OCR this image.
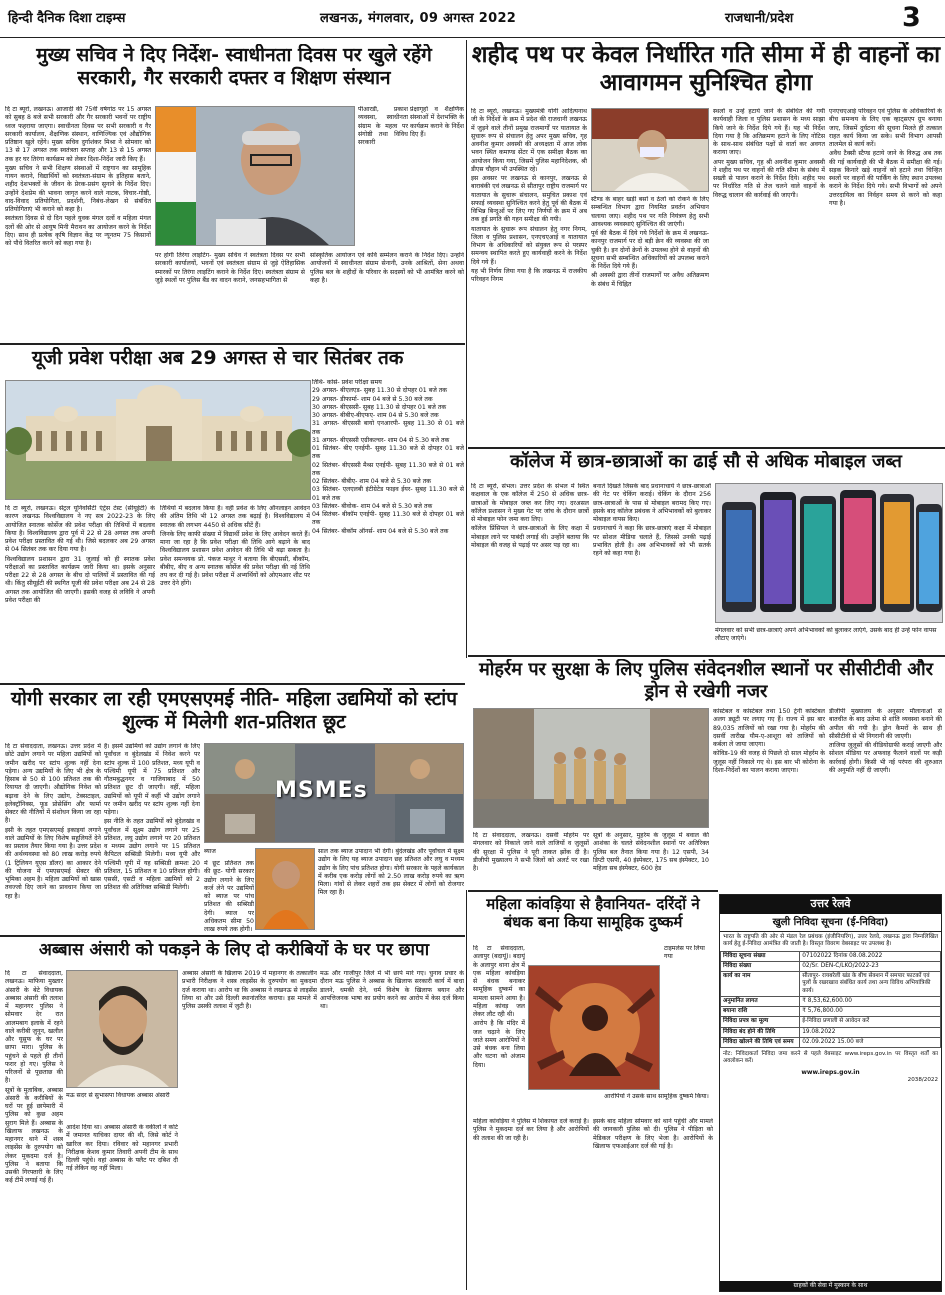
हिन्दी दैनिक दिशा टाइम्स	लखनऊ, मंगलवार, 09 अगस्त 2022	राजधानी/प्रदेश	3
मुख्य सचिव ने दिए निर्देश- स्वाधीनता दिवस पर खुले रहेंगे सरकारी, गैर सरकारी दफ्तर व शिक्षण संस्थान

दि टा ब्यूरो, लखनऊ। आजादी की 75वीं वर्षगांठ पर 15 अगस्त को सुबह 8 बजे सभी सरकारी और गैर सरकारी भवनों पर राष्ट्रीय ध्वज फहराया जाएगा। स्वाधीनता दिवस पर सभी सरकारी व गैर सरकारी कार्यालय, शैक्षणिक संस्थान, वाणिज्यिक एवं औद्योगिक प्रतिष्ठान खुले रहेंगे। मुख्य सचिव दुर्गाशंकर मिश्रा ने सोमवार को 13 से 17 अगस्त तक स्वतंत्रता सप्ताह और 13 से 15 अगस्त तक हर घर तिरंगा कार्यक्रम को लेकर दिशा-निर्देश जारी किए हैं।

मुख्य सचिव ने सभी शिक्षण संस्थाओं में राष्ट्रगान का सामूहिक गायन कराने, विद्यार्थियों को स्वतंत्रता-संग्राम के इतिहास बताने, शहीद देशभक्तों के जीवन के प्रेरक-प्रसंग सुनाने के निर्देश दिए। उन्होंने देशप्रेम की भावना जागृत करने वाले नाटक, विचार-गोष्ठी, वाद-विवाद प्रतियोगिता, प्रदर्शनी, निबंध-लेखन से संबंधित प्रतियोगिताएं भी कराने को कहा है।

स्वतंत्रता दिवस से दो दिन पहले युवक मंगल दलों व महिला मंगल दलों की ओर से आयुष मिनी मैराथन का आयोजन करने के निर्देश दिए। साथ ही प्रत्येक कृषि विज्ञान केंद्र पर न्यूनतम 75 किसानों को पौधे वितरित करने को कहा गया है।

पीआरडी, प्रकाश व्यवस्था, स्वाधीनता संग्राम के महत्व पर संगोष्ठी तथा विविध सरकारी

प्रेक्षागृहों व शैक्षणिक संस्थाओं में देशभक्ति के कार्यक्रम कराने के निर्देश दिए हैं।

पर होगी तिरंगा लाइटिंग- मुख्य सचिव ने स्वतंत्रता दिवस पर सभी सरकारी कार्यालयों, भवनों एवं स्वतंत्रता संग्राम से जुड़े ऐतिहासिक स्मारकों पर तिरंगा लाइटिंग कराने के निर्देश दिए। स्वतंत्रता संग्राम से जुड़े स्थलों पर पुलिस बैंड का वादन कराने, जनसहभागिता से

सांस्कृतिक आयोजन एवं कवि सम्मेलन कराने के निर्देश दिए। उन्होंने आयोजनों में स्वाधीनता संग्राम सेनानी, उनके आश्रितों, सेना अथवा पुलिस बल के शहीदों के परिवार के सदस्यों को भी आमंत्रित करने को कहा है।

यूजी प्रवेश परीक्षा अब 29 अगस्त से चार सितंबर तक
तिथि- कोर्स- प्रवेश परीक्षा समय
29 अगस्त- बीएलएड- सुबह 11.30 से दोपहर 01 बजे तक
29 अगस्त- डीफार्मा- शाम 04 बजे से 5.30 बजे तक
30 अगस्त- बीएससी- सुबह 11.30 से दोपहर 01 बजे तक
30 अगस्त- बीबीए-बीएफए- शाम 04 से 5.30 बजे तक
31 अगस्त- बीएससी बायो एनआरपी- सुबह 11.30 से 01 बजे तक
31 अगस्त- बीएससी एग्रीकल्चर- शाम 04 से 5.30 बजे तक
01 सितंबर- बीए एनईपी- सुबह 11.30 बजे से दोपहर 01 बजे तक
02 सितंबर- बीएससी मैथ्स एनईपी- सुबह 11.30 बजे से 01 बजे तक
02 सितंबर- बीबीए- शाम 04 बजे से 5.30 बजे तक
03 सितंबर- एलएलबी इंटीग्रेटेड फाइव ईयर- सुबह 11.30 बजे से 01 बजे तक
03 सितंबर- बीवोक- शाम 04 बजे से 5.30 बजे तक
04 सितंबर- बीकॉम एनईपी- सुबह 11.30 बजे से दोपहर 01 बजे तक
04 सितंबर- बीकॉम ऑनर्स- शाम 04 बजे से 5.30 बजे तक

दि टा ब्यूरो, लखनऊ। सेंट्रल यूनिवर्सिटी एंट्रेंस टेस्ट (सीयूईटी) के कारण लखनऊ विश्वविद्यालय ने नए सत्र 2022-23 के लिए आयोजित स्नातक कोर्सेज की प्रवेश परीक्षा की तिथियों में बदलाव किया है। विश्वविद्यालय द्वारा पूर्व में 22 से 28 अगस्त तक अपनी प्रवेश परीक्षा प्रस्तावित की गई थी। जिसे बदलकर अब 29 अगस्त से 04 सितंबर तक कर दिया गया है।

विश्वविद्यालय प्रशासन द्वारा 31 जुलाई को ही स्नातक प्रवेश परीक्षाओं का प्रस्तावित कार्यक्रम जारी किया था। इसके अनुसार परीक्षा 22 से 28 अगस्त के बीच दो पालियों में प्रस्तावित की गई थी। किंतु सीयूईटी की स्थगित यूजी की प्रवेश परीक्षा अब 24 से 28 अगस्त तक आयोजित की जाएगी। इसकी वजह से लविवि ने अपनी प्रवेश परीक्षा की

तिथियों में बदलाव किया है। वहीं प्रवेश के लिए ऑनलाइन आवेदन की अंतिम तिथि भी 12 अगस्त तक बढ़ाई है। विश्वविद्यालय में स्नातक की लगभग 4450 से अधिक सीटें हैं।

जिनके लिए काफी संख्या में विद्यार्थी प्रवेश के लिए आवेदन करते हैं। माना जा रहा है कि प्रवेश परीक्षा की तिथि आगे बढ़ाने के बाद विश्वविद्यालय प्रशासन प्रवेश आवेदन की तिथि भी बढ़ा सकता है। प्रवेश समन्वयक प्रो. पंकज माथुर ने बताया कि बीएससी, बीकॉम, बीबीए, बीए व अन्य स्नातक कोर्सेज की प्रवेश परीक्षा की नई तिथि तय कर दी गई है। प्रवेश परीक्षा में अभ्यर्थियों को ओएमआर शीट पर उत्तर देने होंगे।

योगी सरकार ला रही एमएसएमई नीति- महिला उद्यमियों को स्टांप शुल्क में मिलेगी शत-प्रतिशत छूट

दि टा संवाददाता, लखनऊ। उत्तर प्रदेश में छोटे उद्योग लगाने पर महिला उद्यमियों को जमीन खरीद पर स्टांप शुल्क नहीं देना पड़ेगा। अन्य उद्यमियों के लिए भी क्षेत्र के हिसाब से 50 से 100 प्रतिशत तक की रियायत दी जाएगी। औद्योगिक निवेश को बढ़ावा देने के लिए उद्योग, टेक्सटाइल, इलेक्ट्रॉनिक्स, फूड प्रोसेसिंग और फार्मा सेक्टर की नीतियों में संशोधन किया जा रहा है।

इसी के तहत एमएसएमई इकाइयां लगाने वाले उद्यमियों के लिए विशेष सहूलियतें देने का प्रस्ताव तैयार किया गया है। उत्तर प्रदेश की अर्थव्यवस्था को 80 लाख करोड़ रुपये (1 ट्रिलियन यूएस डॉलर) का आकार देने की योजना में एमएसएमई सेक्टर की भूमिका अहम है। महिला उद्यमियों को खास तवज्जो दिए जाने का प्रावधान किया जा रहा है।

है। इसमें उद्यमियों को उद्योग लगाने के लिए पूर्वांचल व बुंदेलखंड में निवेश करने पर स्टांप शुल्क में 100 प्रतिशत, मध्य यूपी व पश्चिमी यूपी में 75 प्रतिशत और गौतमबुद्धनगर व गाजियाबाद में 50 प्रतिशत छूट दी जाएगी। वहीं, महिला उद्यमियों को यूपी में कहीं भी उद्योग लगाने पर जमीन खरीद पर स्टांप शुल्क नहीं देना पड़ेगा।

इस नीति के तहत उद्यमियों को बुंदेलखंड व पूर्वांचल में सूक्ष्म उद्योग लगाने पर 25 प्रतिशत, लघु उद्योग लगाने पर 20 प्रतिशत व मध्यम उद्योग लगाने पर 15 प्रतिशत कैपिटल सब्सिडी मिलेगी। मध्य यूपी और पश्चिमी यूपी में यह सब्सिडी क्रमशः 20 प्रतिशत, 15 प्रतिशत व 10 प्रतिशत होगी। एससी, एसटी व महिला उद्यमियों को 2 प्रतिशत की अतिरिक्त सब्सिडी मिलेगी।

MSMEs
ब्याज

में छूट प्रतिशत तक की छूट- योगी सरकार उद्योग लगाने के लिए कर्ज लेने पर उद्यमियों को ब्याज पर पांच प्रतिशत की सब्सिडी देगी। ब्याज पर अधिकतम सीमा 50 लाख रुपये तक होगी।

साल तक ब्याज उपादान भी देगी। बुंदेलखंड और पूर्वांचल में सूक्ष्म उद्योग के लिए यह ब्याज उपादान छह प्रतिशत और लघु व मध्यम उद्योग के लिए पांच प्रतिशत होगा। योगी सरकार के पहले कार्यकाल में करीब एक करोड़ लोगों को 2.50 लाख करोड़ रुपये का ऋण मिला। गांवों से लेकर शहरों तक इस सेक्टर में लोगों को रोजगार मिल रहा है।

अब्बास अंसारी को पकड़ने के लिए दो करीबियों के घर पर छापा

दि टा संवाददाता, लखनऊ। माफिया मुख्तार अंसारी के बेटे विधायक अब्बास अंसारी की तलाश में महानगर पुलिस ने सोमवार देर रात आलमबाग इलाके में रहने वाले करीबी जुनून, खलील और यूसुफ के घर पर छापा मारा। पुलिस के पहुंचने से पहले ही तीनों फरार हो गए। पुलिस ने परिजनों से पूछताछ की है।

सूत्रों के मुताबिक, अब्बास अंसारी के करीबियों के घरों पर हुई छापेमारी में पुलिस को कुछ अहम सुराग मिले हैं। अब्बास के खिलाफ लखनऊ के महानगर थाने में शस्त्र लाइसेंस के दुरुपयोग को लेकर मुकदमा दर्ज है। पुलिस ने बताया कि उसकी गिरफ्तारी के लिए कई टीमें लगाई गई हैं।

मऊ सदर से सुभासपा विधायक अब्बास अंसारी

आदेश दिया था। अब्बास अंसारी के वकीलों ने कोर्ट में जमानत याचिका दायर की थी, जिसे कोर्ट ने खारिज कर दिया। रविवार को महानगर प्रभारी निरीक्षक केशव कुमार तिवारी अपनी टीम के साथ दिल्ली पहुंचे। वहां अब्बास के फ्लैट पर दबिश दी गई लेकिन वह नहीं मिला।

अब्बास अंसारी के खिलाफ 2019 में महानगर के तत्कालीन प्रभारी निरीक्षक ने शस्त्र लाइसेंस के दुरुपयोग का मुकदमा दर्ज कराया था। आरोप था कि अब्बास ने लखनऊ से लाइसेंस लिया था और उसे दिल्ली स्थानांतरित कराया। इस मामले में पुलिस उसकी तलाश में जुटी है।

मऊ और गाजीपुर जिले में भी छापे मारे गए। चुनाव प्रचार के दौरान मऊ पुलिस ने अब्बास के खिलाफ सरकारी कार्य में बाधा डालने, धमकी देने, धर्म विशेष के खिलाफ बयान और आपत्तिजनक भाषा का प्रयोग करने का आरोप में केस दर्ज किया था।

शहीद पथ पर केवल निर्धारित गति सीमा में ही वाहनों का आवागमन सुनिश्चित होगा

दि टा ब्यूरो, लखनऊ। मुख्यमंत्री योगी आदित्यनाथ जी के निर्देशों के क्रम में प्रदेश की राजधानी लखनऊ में जुड़ने वाले तीनों प्रमुख राजमार्गों पर यातायात के सुचारू रूप से संचालन हेतु अपर मुख्य सचिव, गृह अवनीश कुमार अवस्थी की अध्यक्षता में आज लोक भवन स्थित कमाण्ड सेंटर में एक समीक्षा बैठक का आयोजन किया गया, जिसमें पुलिस महानिदेशक, श्री डीएस चौहान भी उपस्थित रहे।

इस अवसर पर लखनऊ से कानपुर, लखनऊ से बाराबंकी एवं लखनऊ से सीतापुर राष्ट्रीय राजमार्ग पर यातायात के सुचारू संचालन, समुचित प्रकाश एवं सफाई व्यवस्था सुनिश्चित करने हेतु पूर्व की बैठक में विभिन्न बिन्दुओं पर लिए गए निर्णयों के क्रम में अब तक हुई प्रगति की गहन समीक्षा की गयी।

यातायात के सुचारू रूप संचालन हेतु नगर निगम, जिला व पुलिस प्रशासन, एनएचएआई व यातायात विभाग के अधिकारियों को संयुक्त रूप से परस्पर समन्वय स्थापित करते हुए कार्यवाही करने के निर्देश दिये गये हैं।

यह भी निर्णय लिया गया है कि लखनऊ में राजकीय परिवहन निगम

स्टैण्ड के बाहर खड़ी बसों व ठेलों को रोकने के लिए सम्बन्धित विभाग द्वारा नियमित प्रवर्तन अभियान चलाया जाए। शहीद पथ पर गति नियंत्रण हेतु सभी आवश्यक व्यवस्थाएं सुनिश्चित की जाएंगी।

पूर्व की बैठक में दिये गये निर्देशों के क्रम में लखनऊ-कानपुर राजमार्ग पर दो बड़ी क्रेन की व्यवस्था की जा चुकी है। इन दोनों क्रेनों के उपलब्ध होने से वाहनों की सूचना सभी सम्बन्धित अधिकारियों को उपलब्ध कराने के निर्देश दिये गये हैं।

श्री अवस्थी द्वारा तीनों राजमार्गों पर अवैध अतिक्रमण के संबंध में चिह्नित

स्थलों व उन्हें हटाये जाने के संबंधित की गयी कार्यवाही जिला व पुलिस प्रशासन के मध्य साझा किये जाने के निर्देश दिये गये हैं। यह भी निर्देश दिया गया है कि अतिक्रमण हटाने के लिए नोटिस के साथ-साथ संबंधित पक्षों से वार्ता कर अवगत कराया जाए।

अपर मुख्य सचिव, गृह श्री अवनीश कुमार अवस्थी ने शहीद पथ पर वाहनों की गति सीमा के संबंध में सख्ती से पालन कराने के निर्देश दिये। शहीद पथ पर निर्धारित गति से तेज चलने वाले वाहनों के विरुद्ध चालान की कार्रवाई की जाएगी।

एनएचएआई परिवहन एवं पुलिस के अधिकारियों के बीच समन्वय के लिए एक व्हाट्सएप ग्रुप बनाया जाए, जिसमें दुर्घटना की सूचना मिलते ही तत्काल राहत कार्य किया जा सके। सभी विभाग आपसी तालमेल से कार्य करें।

अवैध टैक्सी स्टैण्ड हटाये जाने के विरुद्ध अब तक की गई कार्यवाही की भी बैठक में समीक्षा की गई। सड़क किनारे खड़े वाहनों को हटाने तथा चिन्हित स्थलों पर वाहनों की पार्किंग के लिए स्थान उपलब्ध कराने के निर्देश दिये गये। सभी विभागों को अपने उत्तरदायित्व का निर्वहन समय से करने को कहा गया है।

कॉलेज में छात्र-छात्राओं का ढाई सौ से अधिक मोबाइल जब्त

दि टा ब्यूरो, संभल। उत्तर प्रदेश के संभल में स्थित कक्षवाल के एक कॉलेज में 250 से अधिक छात्र-छात्राओं के मोबाइल जब्त कर लिए गए। दरअसल कॉलेज प्रशासन ने मुख्य गेट पर जांच के दौरान छात्रों से मोबाइल फोन जमा करा लिए।

कॉलेज प्रिंसिपल ने छात्र-छात्राओं के लिए कक्षा में मोबाइल लाने पर पाबंदी लगाई थी। उन्होंने बताया कि मोबाइल की वजह से पढ़ाई पर असर पड़ रहा था।

बनाते दिखते जिसके बाद प्रधानाचार्य ने छात्र-छात्राओं की गेट पर चेकिंग कराई। चेकिंग के दौरान 256 छात्र-छात्राओं के पास से मोबाइल बरामद किए गए। इसके बाद कॉलेज प्रबंधक ने अभिभावकों को बुलाकर मोबाइल वापस किए।

प्रधानाचार्य ने कहा कि छात्र-छात्राएं कक्षा में मोबाइल पर सोशल मीडिया चलाते हैं, जिससे उनकी पढ़ाई प्रभावित होती है। अब अभिभावकों को भी सतर्क रहने को कहा गया है।

मंगलवार को सभी छात्र-छात्राएं अपने अभिभावकों को बुलाकर लाएंगे, उसके बाद ही उन्हें फोन वापस लौटाए जाएंगे।
मोहर्रम पर सुरक्षा के लिए पुलिस संवेदनशील स्थानों पर सीसीटीवी और ड्रोन से रखेगी नजर

कांस्टेबल व कांस्टेबल तथा 150 ट्रेनी कांस्टेबल अलग ड्यूटी पर लगाए गए हैं। राज्य में इस बार 89,035 ताजियों को रखा गया है। मोहर्रम की दसवीं तारीख यौम-ए-आशूरा को ताजियों को कर्बला ले जाया जाएगा।

कोविड-19 की वजह से पिछले दो साल मोहर्रम के जुलूस नहीं निकाले गए थे। इस बार भी कोरोना के दिशा-निर्देशों का पालन कराया जाएगा।

डीजीपी मुख्यालय के अनुसार मौलानाओं से बातचीत के बाद उलेमा से शांति व्यवस्था बनाने की अपील की गयी है। ड्रोन कैमरों के साथ ही सीसीटीवी से भी निगरानी की जाएगी।

ताजिया जुलूसों की वीडियोग्राफी कराई जाएगी और सोशल मीडिया पर अफवाह फैलाने वालों पर कड़ी कार्रवाई होगी। किसी भी नई परंपरा की शुरुआत की अनुमति नहीं दी जाएगी।

दि टा संवाददाता, लखनऊ। दसवीं मोहर्रम पर मंगलवार को निकाले जाने वाले ताजियों व जुलूसों की सुरक्षा में पुलिस ने पूरी ताकत झोंक दी है। डीजीपी मुख्यालय ने सभी जिलों को अलर्ट पर रखा है।

सूत्रों के अनुसार, मुहर्रम के जुलूस में बवाल की आशंका के चलते संवेदनशील स्थानों पर अतिरिक्त पुलिस बल तैनात किया गया है। 12 एसपी, 34 डिप्टी एसपी, 40 इंस्पेक्टर, 175 सब इंस्पेक्टर, 10 महिला सब इंस्पेक्टर, 600 हेड

महिला कांवड़िया से हैवानियत- दरिंदों ने बंधक बना किया सामूहिक दुष्कर्म

दि टा संवाददाता, अलापुर (बदायूं)। बदायूं के अलापुर थाना क्षेत्र में एक महिला कांवड़िया से बंधक बनाकर सामूहिक दुष्कर्म का मामला सामने आया है। महिला कांवड़ जल लेकर लौट रही थी।

आरोप है कि मंदिर में जल चढ़ाने के लिए जाते समय आरोपियों ने उसे बंधक बना लिया और घटना को अंजाम दिया।

टाइमलेस पर लिया गया
आरोपियों ने उसके साथ सामूहिक दुष्कर्म किया।

महिला कांवड़िया ने पुलिस में शिकायत दर्ज कराई है। पुलिस ने मुकदमा दर्ज कर लिया है और आरोपियों की तलाश की जा रही है।

इसके बाद महिला सोमवार को थाने पहुंची और मामले की जानकारी पुलिस को दी। पुलिस ने पीड़िता को मेडिकल परीक्षण के लिए भेजा है। आरोपियों के खिलाफ एफआईआर दर्ज की गई है।

उत्तर रेलवे
खुली निविदा सूचना (ई-निविदा)
भारत के राष्ट्रपति की ओर से मंडल रेल प्रबंधक (इंजीनियरिंग), उत्तर रेलवे, लखनऊ द्वारा निम्नलिखित कार्य हेतु ई-निविदा आमंत्रित की जाती है। विस्तृत विवरण वेबसाइट पर उपलब्ध है।
निविदा सूचना संख्या	07102022 दिनांक 08.08.2022
निविदा संख्या	02/Sr. DEN-C/LKO/2022-23
कार्य का नाम	सीतापुर- रायबरेली खंड के बीच सेक्शन में समपार फाटकों एवं पुलों के रखरखाव संबंधित कार्य तथा अन्य विविध अभियांत्रिकी कार्य।
अनुमानित लागत	₹ 8,53,62,600.00
बयाना राशि	₹ 5,76,800.00
निविदा प्रपत्र का मूल्य	ई-निविदा प्रणाली से आवेदन करें
निविदा बंद होने की तिथि	19.08.2022
निविदा खोलने की तिथि एवं समय	02.09.2022 15.00 बजे
नोट: निविदाकर्ता निविदा जमा करने से पहले वेबसाइट www.ireps.gov.in पर विस्तृत शर्तों का अवलोकन करें।
www.ireps.gov.in
2038/2022
ग्राहकों की सेवा में मुस्कान के साथ
